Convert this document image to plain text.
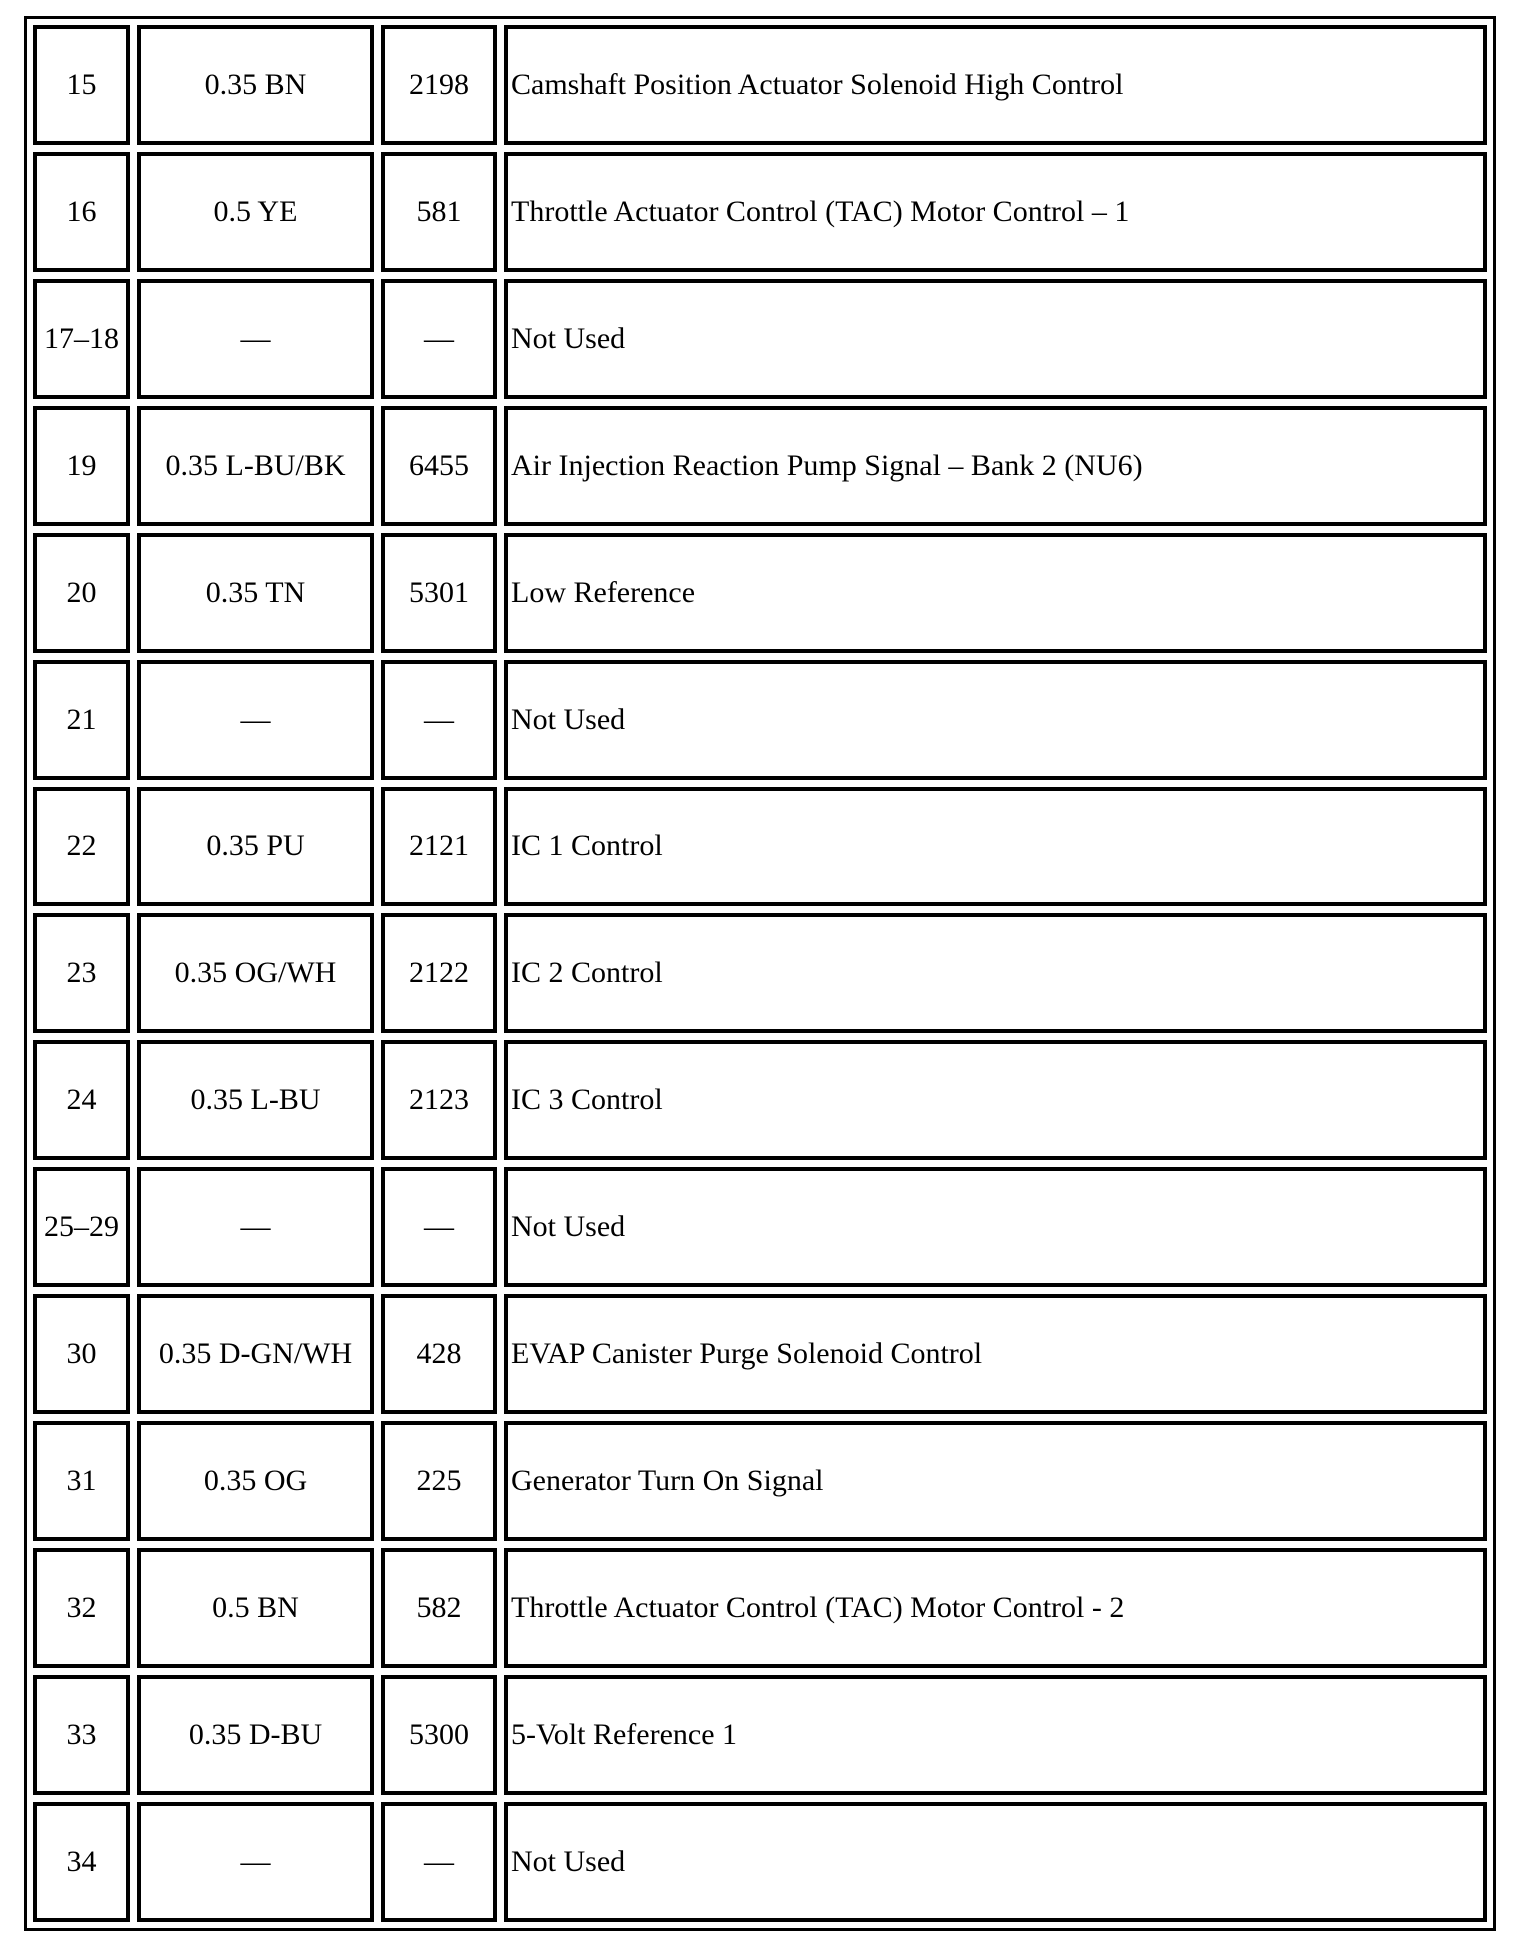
15	0.35 BN	2198	Camshaft Position Actuator Solenoid High Control
16	0.5 YE	581	Throttle Actuator Control (TAC) Motor Control – 1
17–18	—	—	Not Used
19	0.35 L-BU/BK	6455	Air Injection Reaction Pump Signal – Bank 2 (NU6)
20	0.35 TN	5301	Low Reference
21	—	—	Not Used
22	0.35 PU	2121	IC 1 Control
23	0.35 OG/WH	2122	IC 2 Control
24	0.35 L-BU	2123	IC 3 Control
25–29	—	—	Not Used
30	0.35 D-GN/WH	428	EVAP Canister Purge Solenoid Control
31	0.35 OG	225	Generator Turn On Signal
32	0.5 BN	582	Throttle Actuator Control (TAC) Motor Control - 2
33	0.35 D-BU	5300	5-Volt Reference 1
34	—	—	Not Used
